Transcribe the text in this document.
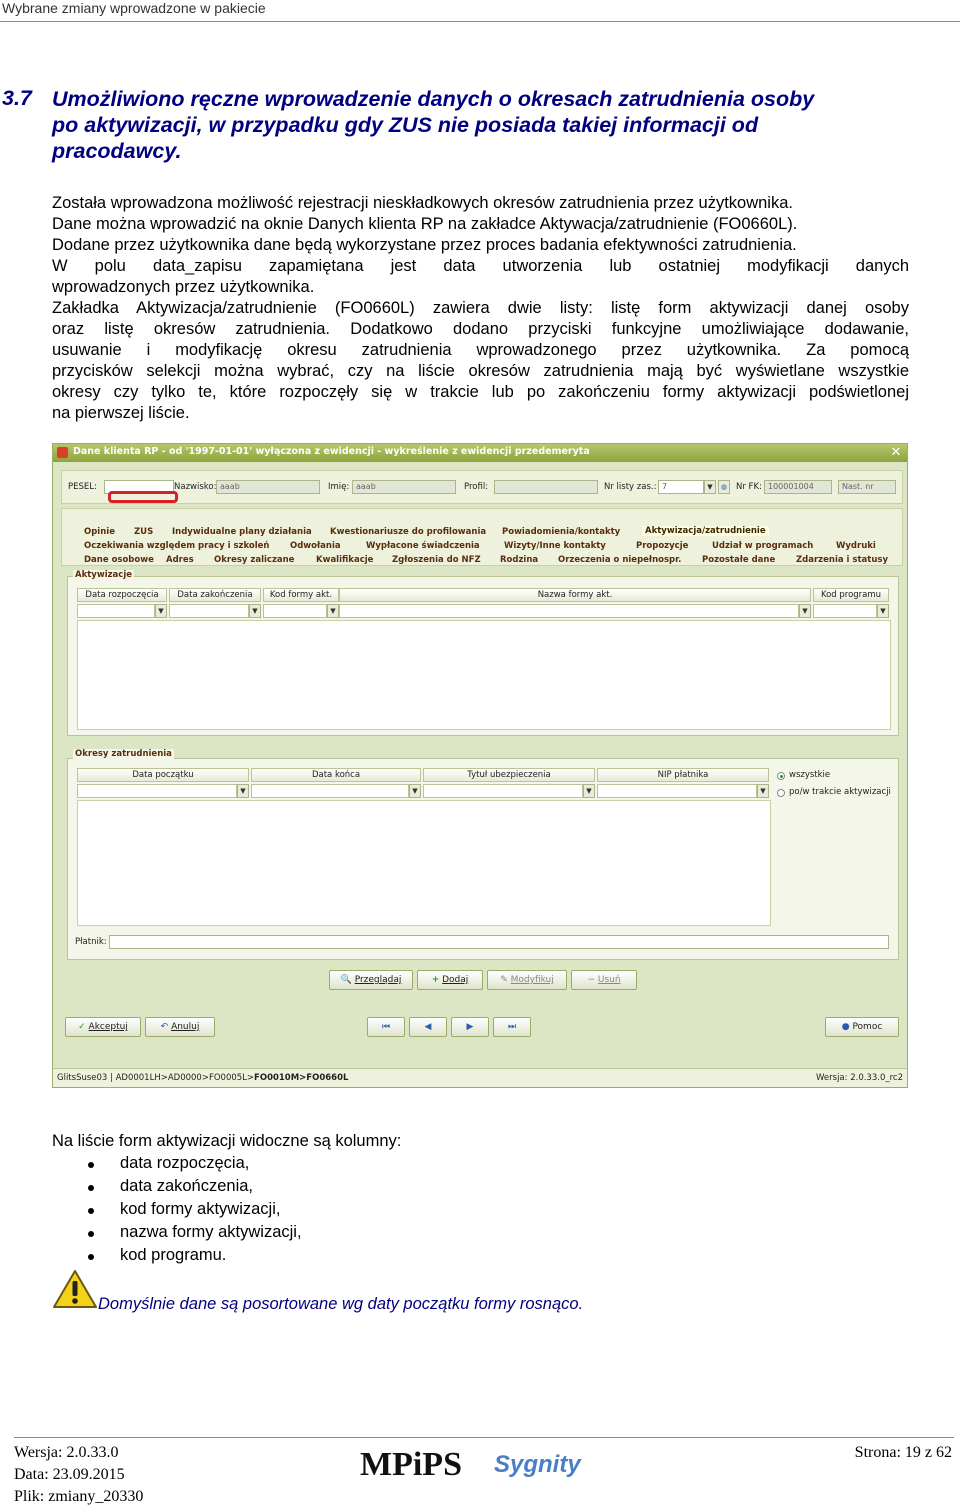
Wybrane zmiany wprowadzone w pakiecie
3.7 Umożliwiono ręczne wprowadzenie danych o okresach zatrudnienia osoby
po aktywizacji, w przypadku gdy ZUS nie posiada takiej informacji od
pracodawcy.
Została wprowadzona możliwość rejestracji nieskładkowych okresów zatrudnienia przez użytkownika.
Dane można wprowadzić na oknie Danych klienta RP na zakładce Aktywacja/zatrudnienie (FO0660L).
Dodane przez użytkownika dane będą wykorzystane przez proces badania efektywności zatrudnienia.
W polu data_zapisu zapamiętana jest data utworzenia lub ostatniej modyfikacji danych
wprowadzonych przez użytkownika.
Zakładka Aktywizacja/zatrudnienie (FO0660L) zawiera dwie listy: listę form aktywizacji danej osoby
oraz listę okresów zatrudnienia. Dodatkowo dodano przyciski funkcyjne umożliwiające dodawanie,
usuwanie i modyfikację okresu zatrudnienia wprowadzonego przez użytkownika. Za pomocą
przycisków selekcji można wybrać, czy na liście okresów zatrudnienia mają być wyświetlane wszystkie
okresy czy tylko te, które rozpoczęły się w trakcie lub po zakończeniu formy aktywizacji podświetlonej
na pierwszej liście.
Dane klienta RP - od '1997-01-01' wyłączona z ewidencji - wykreślenie z ewidencji przedemeryta	✕
PESEL:	Nazwisko: aaab	Imię: aaab	Profil:	Nr listy zas.: 7	▼	◍	Nr FK: 100001004	Nast. nr
Opinie ZUS Indywidualne plany działania Kwestionariusze do profilowania Powiadomienia/kontakty	Aktywizacja/zatrudnienie
Oczekiwania względem pracy i szkoleń Odwołania	Wypłacone świadczenia	Wizyty/Inne kontakty	Propozycje	Udział w programach	Wydruki
Dane osobowe Adres Okresy zaliczane	Kwalifikacje Zgłoszenia do NFZ Rodzina Orzeczenia o niepełnospr. Pozostałe dane Zdarzenia i statusy
Aktywizacje
Data rozpoczęcia	Data zakończenia	Kod formy akt.	Nazwa formy akt.	Kod programu
▼	▼	▼	▼	▼
Okresy zatrudnienia
Data początku	Data końca	Tytuł ubezpieczenia	NIP płatnika
▼	▼	▼	▼
wszystkie
po/w trakcie aktywizacji
Płatnik:
🔍 Przeglądaj	+ Dodaj	✎ Modyfikuj	− Usuń
✓ Akceptuj	↶ Anuluj	⏮	◀	▶	⏭	● Pomoc
GlitsSuse03 | AD0001LH>AD0000>FO0005L>FO0010M>FO0660L	Wersja: 2.0.33.0_rc2
Na liście form aktywizacji widoczne są kolumny:
data rozpoczęcia,
data zakończenia,
kod formy aktywizacji,
nazwa formy aktywizacji,
kod programu.
Domyślnie dane są posortowane wg daty początku formy rosnąco.
Wersja: 2.0.33.0
Data: 23.09.2015
Plik: zmiany_20330
MPiPS Sygnity	Strona: 19 z 62
